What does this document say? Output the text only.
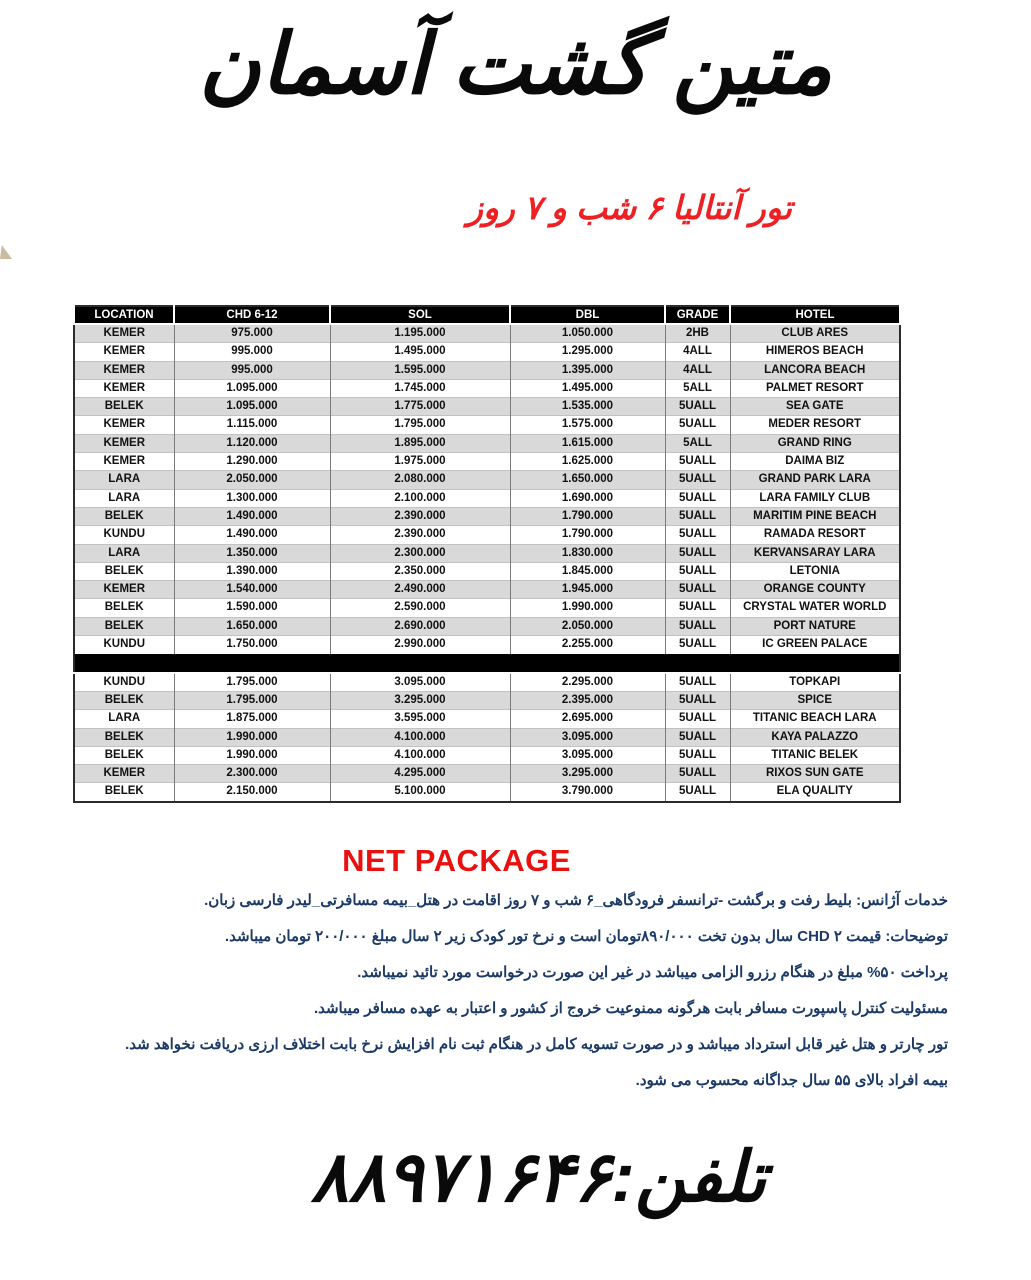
متین گشت آسمان
تور آنتالیا ۶ شب و ۷ روز
LOCATION	CHD 6-12	SOL	DBL	GRADE	HOTEL
KEMER	975.000	1.195.000	1.050.000	2HB	CLUB ARES
KEMER	995.000	1.495.000	1.295.000	4ALL	HIMEROS BEACH
KEMER	995.000	1.595.000	1.395.000	4ALL	LANCORA BEACH
KEMER	1.095.000	1.745.000	1.495.000	5ALL	PALMET RESORT
BELEK	1.095.000	1.775.000	1.535.000	5UALL	SEA GATE
KEMER	1.115.000	1.795.000	1.575.000	5UALL	MEDER RESORT
KEMER	1.120.000	1.895.000	1.615.000	5ALL	GRAND RING
KEMER	1.290.000	1.975.000	1.625.000	5UALL	DAIMA BIZ
LARA	2.050.000	2.080.000	1.650.000	5UALL	GRAND PARK LARA
LARA	1.300.000	2.100.000	1.690.000	5UALL	LARA FAMILY CLUB
BELEK	1.490.000	2.390.000	1.790.000	5UALL	MARITIM PINE BEACH
KUNDU	1.490.000	2.390.000	1.790.000	5UALL	RAMADA RESORT
LARA	1.350.000	2.300.000	1.830.000	5UALL	KERVANSARAY LARA
BELEK	1.390.000	2.350.000	1.845.000	5UALL	LETONIA
KEMER	1.540.000	2.490.000	1.945.000	5UALL	ORANGE COUNTY
BELEK	1.590.000	2.590.000	1.990.000	5UALL	CRYSTAL WATER WORLD
BELEK	1.650.000	2.690.000	2.050.000	5UALL	PORT NATURE
KUNDU	1.750.000	2.990.000	2.255.000	5UALL	IC GREEN PALACE

KUNDU	1.795.000	3.095.000	2.295.000	5UALL	TOPKAPI
BELEK	1.795.000	3.295.000	2.395.000	5UALL	SPICE
LARA	1.875.000	3.595.000	2.695.000	5UALL	TITANIC BEACH LARA
BELEK	1.990.000	4.100.000	3.095.000	5UALL	KAYA PALAZZO
BELEK	1.990.000	4.100.000	3.095.000	5UALL	TITANIC BELEK
KEMER	2.300.000	4.295.000	3.295.000	5UALL	RIXOS SUN GATE
BELEK	2.150.000	5.100.000	3.790.000	5UALL	ELA QUALITY
NET PACKAGE

خدمات آژانس: بلیط رفت و برگشت -ترانسفر فرودگاهی_۶ شب و ۷ روز اقامت در هتل_بیمه مسافرتی_لیدر فارسی زبان.

توضیحات: قیمت CHD ۲ سال بدون تخت ۸۹۰/۰۰۰تومان است و نرخ تور کودک زیر ۲ سال مبلغ ۲۰۰/۰۰۰ تومان میباشد.

پرداخت ۵۰% مبلغ در هنگام رزرو الزامی میباشد در غیر این صورت درخواست مورد تائید نمیباشد.

مسئولیت کنترل پاسپورت مسافر بابت هرگونه ممنوعیت خروج از کشور و اعتبار به عهده مسافر میباشد.

تور چارتر و هتل غیر قابل استرداد میباشد و در صورت تسویه کامل در هنگام ثبت نام افزایش نرخ بابت اختلاف ارزی دریافت نخواهد شد.

بیمه افراد بالای ۵۵ سال جداگانه محسوب می شود.

تلفن:۸۸۹۷۱۶۴۶
